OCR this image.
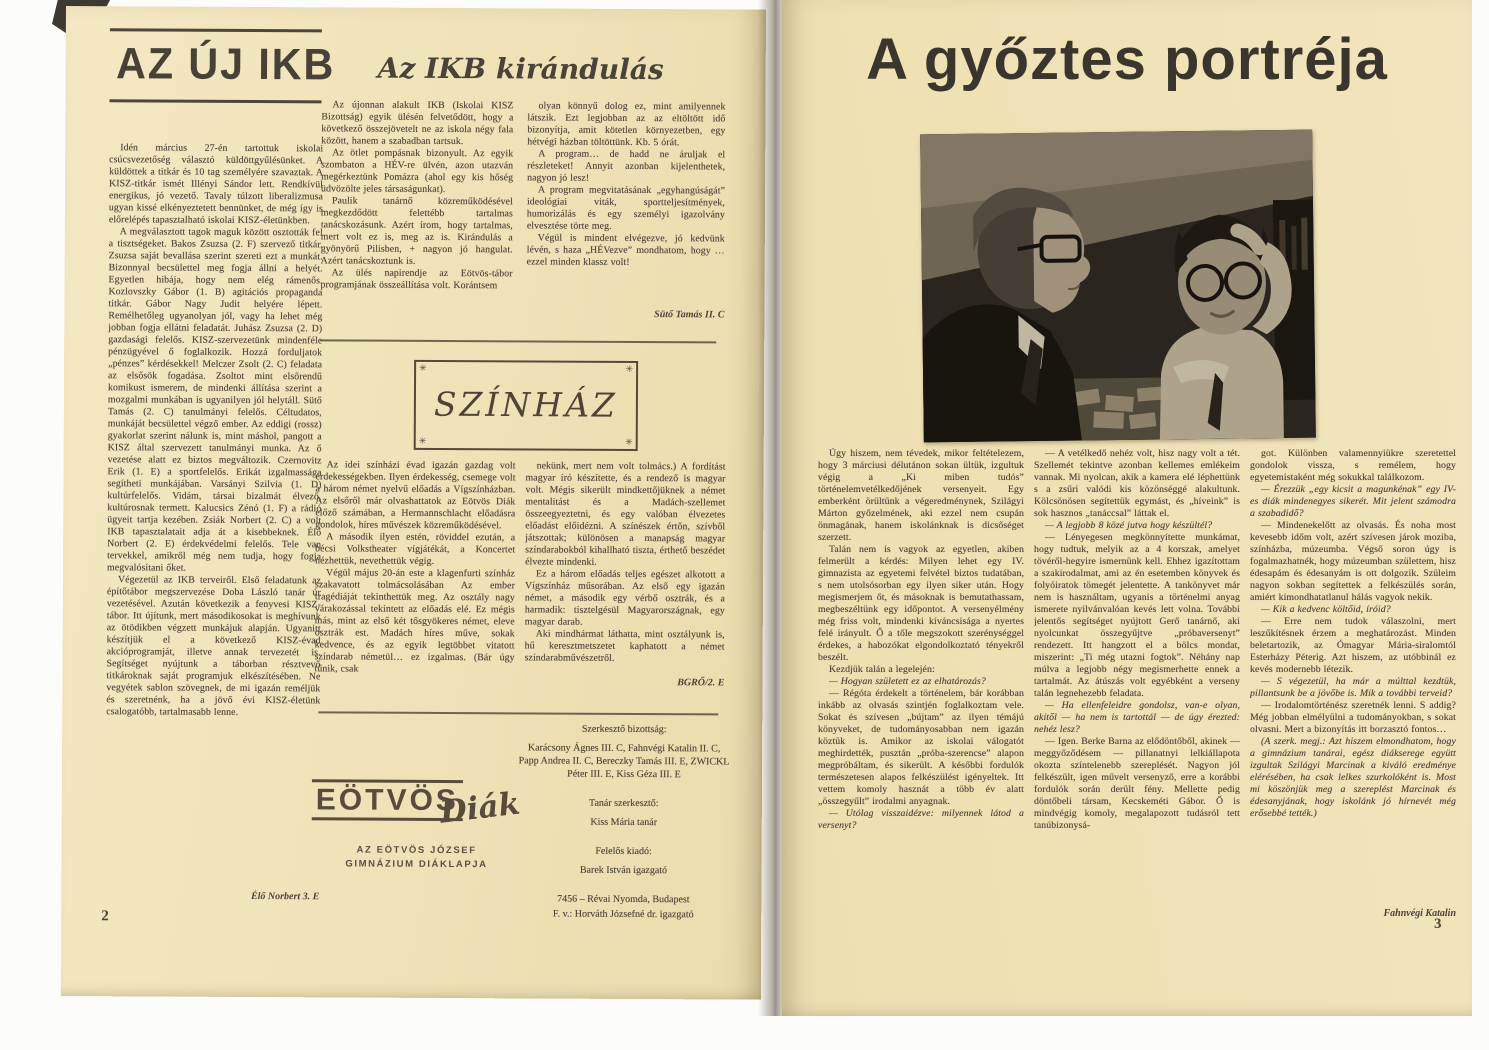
AZ ÚJ IKB

Idén március 27-én tartottuk iskolai csúcsvezetőség választó küldöttgyűlésünket. A küldöttek a titkár és 10 tag személyére szavaztak. A KISZ-titkár ismét Illényi Sándor lett. Rendkívül energikus, jó vezető. Tavaly túlzott liberalizmusa ugyan kissé elkényeztetett bennünket, de még így is előrelépés tapasztalható iskolai KISZ-életünkben.

A megválasztott tagok maguk között osztották fel a tisztségeket. Bakos Zsuzsa (2. F) szervező titkár. Zsuzsa saját bevallása szerint szereti ezt a munkát. Bizonnyal becsülettel meg fogja állni a helyét. Egyetlen hibája, hogy nem elég rámenős. Kozlovszky Gábor (1. B) agitációs propaganda titkár. Gábor Nagy Judit helyére lépett. Remélhetőleg ugyanolyan jól, vagy ha lehet még jobban fogja ellátni feladatát. Juhász Zsuzsa (2. D) gazdasági felelős. KISZ-szervezetünk mindenféle pénzügyével ő foglalkozik. Hozzá forduljatok „pénzes” kérdésekkel! Melczer Zsolt (2. C) feladata az elsősök fogadása. Zsoltot mint elsőrendű komikust ismerem, de mindenki állítása szerint a mozgalmi munkában is ugyanilyen jól helytáll. Sütő Tamás (2. C) tanulmányi felelős. Céltudatos, munkáját becsülettel végző ember. Az eddigi (rossz) gyakorlat szerint nálunk is, mint máshol, pangott a KISZ által szervezett tanulmányi munka. Az ő vezetése alatt ez biztos megváltozik. Czernovitz Erik (1. E) a sportfelelős. Erikát izgalmassága segítheti munkájában. Varsányi Szilvia (1. D) kultúrfelelős. Vidám, társai bizalmát élvező, kultúrosnak termett. Kalucsics Zénó (1. F) a rádió ügyeit tartja kezében. Zsiák Norbert (2. C) a volt IKB tapasztalatait adja át a kisebbeknek. Élő Norbert (2. E) érdekvédelmi felelős. Tele van tervekkel, amikről még nem tudja, hogy fogja megvalósítani őket.

Végezetül az IKB terveiről. Első feladatunk az építőtábor megszervezése Doba László tanár úr vezetésével. Azután következik a fenyvesi KISZ-tábor. Itt újítunk, mert másodikosokat is meghívunk az ötödikben végzett munkájuk alapján. Ugyanitt készítjük el a következő KISZ-évad akcióprogramját, illetve annak tervezetét is. Segítséget nyújtunk a táborban résztvevő titkároknak saját programjuk elkészítésében. Ne vegyétek sablon szövegnek, de mi igazán reméljük és szeretnénk, ha a jövő évi KISZ-életünk csalogatóbb, tartalmasabb lenne.

Élő Norbert 3. E
2
Az IKB kirándulás

Az újonnan alakult IKB (Iskolai KISZ Bizottság) egyik ülésén felvetődött, hogy a következő összejövetelt ne az iskola négy fala között, hanem a szabadban tartsuk.

Az ötlet pompásnak bizonyult. Az egyik szombaton a HÉV-re ülvén, azon utazván megérkeztünk Pomázra (ahol egy kis hőség üdvözölte jeles társaságunkat).

Paulik tanárnő közreműködésével megkezdődött felettébb tartalmas tanácskozásunk. Azért írom, hogy tartalmas, mert volt ez is, meg az is. Kirándulás a gyönyörű Pilisben, + nagyon jó hangulat. Azért tanácskoztunk is.

Az ülés napirendje az Eötvös-tábor programjának összeállítása volt. Korántsem

olyan könnyű dolog ez, mint amilyennek látszik. Ezt legjobban az az eltöltött idő bizonyítja, amit kötetlen környezetben, egy hétvégi házban töltöttünk. Kb. 5 órát.

A program… de hadd ne áruljak el részleteket! Annyit azonban kijelenthetek, nagyon jó lesz!

A program megvitatásának „egyhangúságát” ideológiai viták, sportteljesítmények, humorizálás és egy személyi igazolvány elvesztése törte meg.

Végül is mindent elvégezve, jó kedvünk lévén, s haza „HÉVezve” mondhatom, hogy …ezzel minden klassz volt!

Sütő Tamás II. C
✳	✳
✳	✳
SZÍNHÁZ

Az idei színházi évad igazán gazdag volt érdekességekben. Ilyen érdekesség, csemege volt a három német nyelvű előadás a Vígszínházban. Az elsőről már olvashattatok az Eötvös Diák előző számában, a Hermannschlacht előadásra gondolok, híres művészek közreműködésével.

A második ilyen estén, röviddel ezután, a bécsi Volkstheater vígjátékát, a Koncertet nézhettük, nevethettük végig.

Végül május 20-án este a klagenfurti színház szakavatott tolmácsolásában Az ember tragédiáját tekinthettük meg. Az osztály nagy várakozással tekintett az előadás elé. Ez mégis más, mint az első két tősgyökeres német, eleve osztrák est. Madách híres műve, sokak kedvence, és az egyik legtöbbet vitatott színdarab németül… ez izgalmas. (Bár úgy tűnik, csak

nekünk, mert nem volt tolmács.) A fordítást magyar író készítette, és a rendező is magyar volt. Mégis sikerült mindkettőjüknek a német mentalitást és a Madách-szellemet összeegyeztetni, és egy valóban élvezetes előadást előidézni. A színészek értőn, szívből játszottak; különösen a manapság magyar színdarabokból kihallható tiszta, érthető beszédet élvezte mindenki.

Ez a három előadás teljes egészet alkotott a Vígszínház műsorában. Az első egy igazán német, a második egy vérbő osztrák, és a harmadik: tisztelgésül Magyarországnak, egy magyar darab.

Aki mindhármat láthatta, mint osztályunk is, hű keresztmetszetet kaphatott a német színdarabművészetről.

BGRŐ/2. E
EÖTVÖS
Diák
AZ EÖTVÖS JÓZSEF
GIMNÁZIUM DIÁKLAPJA

Szerkesztő bizottság:

Karácsony Ágnes III. C, Fahnvégi Katalin II. C, Papp Andrea II. C, Bereczky Tamás III. E, ZWICKL Péter III. E, Kiss Géza III. E

Tanár szerkesztő:

Kiss Mária tanár

Felelős kiadó:

Barek István igazgató

7456 – Révai Nyomda, Budapest

F. v.: Horváth Józsefné dr. igazgató

A győztes portréja

Úgy hiszem, nem tévedek, mikor feltételezem, hogy 3 márciusi délutánon sokan ültük, izgultuk végig a „Ki miben tudós” történelemvetélkedőjének versenyeit. Egy emberként örültünk a végeredménynek, Szilágyi Márton győzelmének, aki ezzel nem csupán önmagának, hanem iskolánknak is dicsőséget szerzett.

Talán nem is vagyok az egyetlen, akiben felmerült a kérdés: Milyen lehet egy IV. gimnazista az egyetemi felvétel biztos tudatában, s nem utolsósorban egy ilyen siker után. Hogy megismerjem őt, és másoknak is bemutathassam, megbeszéltünk egy időpontot. A versenyélmény még friss volt, mindenki kíváncsisága a nyertes felé irányult. Ő a tőle megszokott szerénységgel érdekes, a habozókat elgondolkoztató tényekről beszélt.

Kezdjük talán a legelején:

— Hogyan született ez az elhatározás?

— Régóta érdekelt a történelem, bár korábban inkább az olvasás szintjén foglalkoztam vele. Sokat és szívesen „bújtam” az ilyen témájú könyveket, de tudományosabban nem igazán köztük is. Amikor az iskolai válogatót meghirdették, pusztán „próba-szerencse” alapon megpróbáltam, és sikerült. A későbbi fordulók természetesen alapos felkészülést igényeltek. Itt vettem komoly hasznát a több év alatt „összegyűlt” irodalmi anyagnak.

— Utólag visszaidézve: milyennek látod a versenyt?

— A vetélkedő nehéz volt, hisz nagy volt a tét. Szellemét tekintve azonban kellemes emlékeim vannak. Mi nyolcan, akik a kamera elé léphettünk s a zsűri valódi kis közönséggé alakultunk. Kölcsönösen segítettük egymást, és „híveink” is sok hasznos „tanáccsal” láttak el.

— A legjobb 8 közé jutva hogy készültél?

— Lényegesen megkönnyítette munkámat, hogy tudtuk, melyik az a 4 korszak, amelyet tövéről-hegyire ismernünk kell. Ehhez igazítottam a szakirodalmat, ami az én esetemben könyvek és folyóiratok tömegét jelentette. A tankönyvet már nem is használtam, ugyanis a történelmi anyag ismerete nyilvánvalóan kevés lett volna. További jelentős segítséget nyújtott Gerő tanárnő, aki nyolcunkat összegyűjtve „próbaversenyt” rendezett. Itt hangzott el a bölcs mondat, miszerint: „Ti még utazni fogtok”. Néhány nap múlva a legjobb négy megismerhette ennek a tartalmát. Az átúszás volt egyébként a verseny talán legnehezebb feladata.

— Ha ellenfeleidre gondolsz, van-e olyan, akitől — ha nem is tartottál — de úgy érezted: nehéz lesz?

— Igen. Berke Barna az elődöntőből, akinek — meggyőződésem — pillanatnyi lelkiállapota okozta színtelenebb szereplését. Nagyon jól felkészült, igen művelt versenyző, erre a korábbi fordulók során derült fény. Mellette pedig döntőbeli társam, Kecskeméti Gábor. Ő is mindvégig komoly, megalapozott tudásról tett tanúbizonysá-

got. Különben valamennyiükre szeretettel gondolok vissza, s remélem, hogy egyetemistaként még sokukkal találkozom.

— Érezzük „egy kicsit a magunkénak” egy IV-es diák mindenegyes sikerét. Mit jelent számodra a szabadidő?

— Mindenekelőtt az olvasás. És noha most kevesebb időm volt, azért szívesen járok moziba, színházba, múzeumba. Végső soron úgy is fogalmazhatnék, hogy múzeumban születtem, hisz édesapám és édesanyám is ott dolgozik. Szüleim nagyon sokban segítettek a felkészülés során, amiért kimondhatatlanul hálás vagyok nekik.

— Kik a kedvenc költőid, íróid?

— Erre nem tudok válaszolni, mert leszűkítésnek érzem a meghatározást. Minden beletartozik, az Ómagyar Mária-siralomtól Esterházy Péterig. Azt hiszem, az utóbbinál ez kevés modernebb létezik.

— S végezetül, ha már a múlttal kezdtük, pillantsunk be a jövőbe is. Mik a további terveid?

— Irodalomtörténész szeretnék lenni. S addig? Még jobban elmélyülni a tudományokban, s sokat olvasni. Mert a bizonyítás itt borzasztó fontos…

(A szerk. megj.: Azt hiszem elmondhatom, hogy a gimnázium tanárai, egész diákserege együtt izgultak Szilágyi Marcinak a kiváló eredménye elérésében, ha csak lelkes szurkolóként is. Most mi köszönjük meg a szereplést Marcinak és édesanyjának, hogy iskolánk jó hírnevét még erősebbé tették.)

Fahnvégi Katalin
3
